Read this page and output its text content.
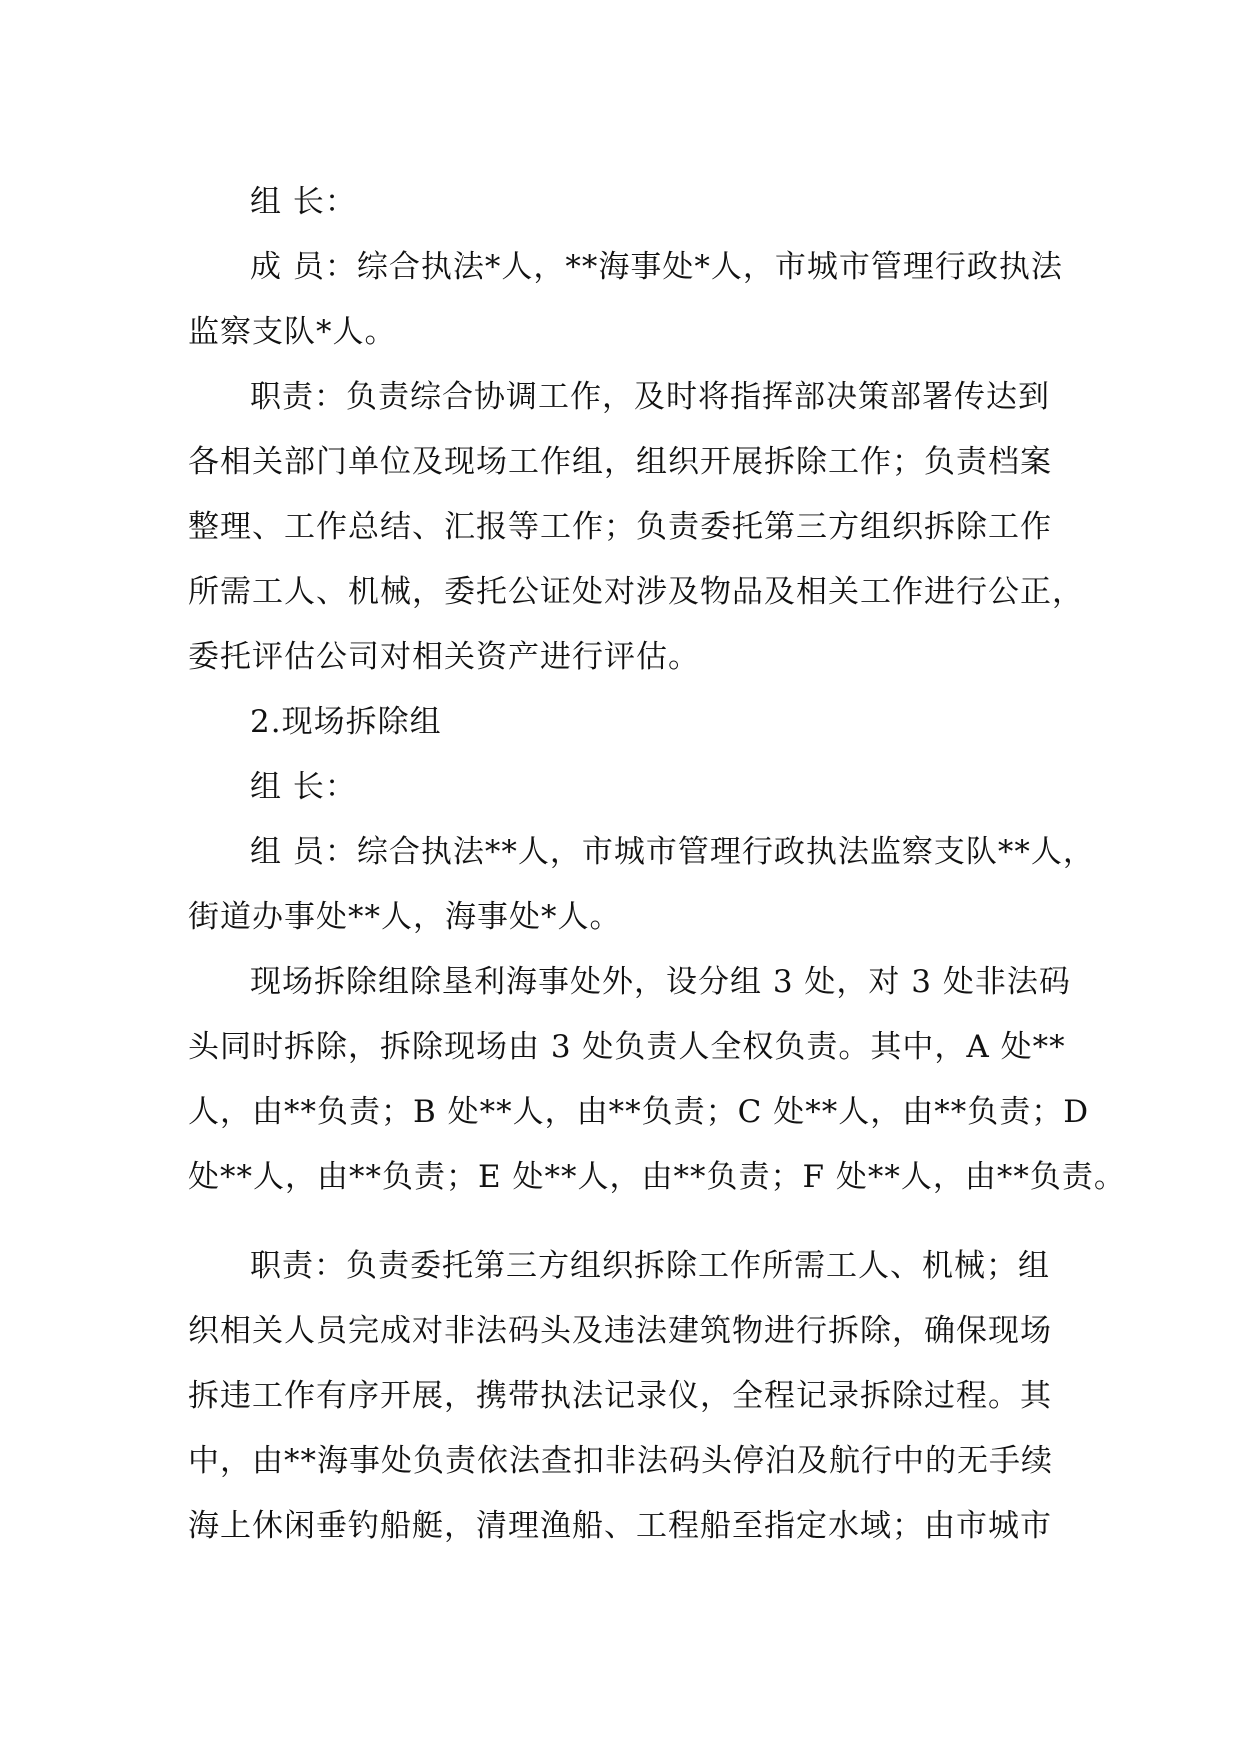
组 长：

成 员：综合执法*人，**海事处*人，市城市管理行政执法
监察支队*人。

职责：负责综合协调工作，及时将指挥部决策部署传达到
各相关部门单位及现场工作组，组织开展拆除工作；负责档案
整理、工作总结、汇报等工作；负责委托第三方组织拆除工作
所需工人、机械，委托公证处对涉及物品及相关工作进行公正，
委托评估公司对相关资产进行评估。

2.现场拆除组

组 长：

组 员：综合执法**人，市城市管理行政执法监察支队**人，
街道办事处**人，海事处*人。

现场拆除组除垦利海事处外，设分组 3 处，对 3 处非法码
头同时拆除，拆除现场由 3 处负责人全权负责。其中，A 处**
人，由**负责；B 处**人，由**负责；C 处**人，由**负责；D
处**人，由**负责；E 处**人，由**负责；F 处**人，由**负责。

职责：负责委托第三方组织拆除工作所需工人、机械；组
织相关人员完成对非法码头及违法建筑物进行拆除，确保现场
拆违工作有序开展，携带执法记录仪，全程记录拆除过程。其
中，由**海事处负责依法查扣非法码头停泊及航行中的无手续
海上休闲垂钓船艇，清理渔船、工程船至指定水域；由市城市
